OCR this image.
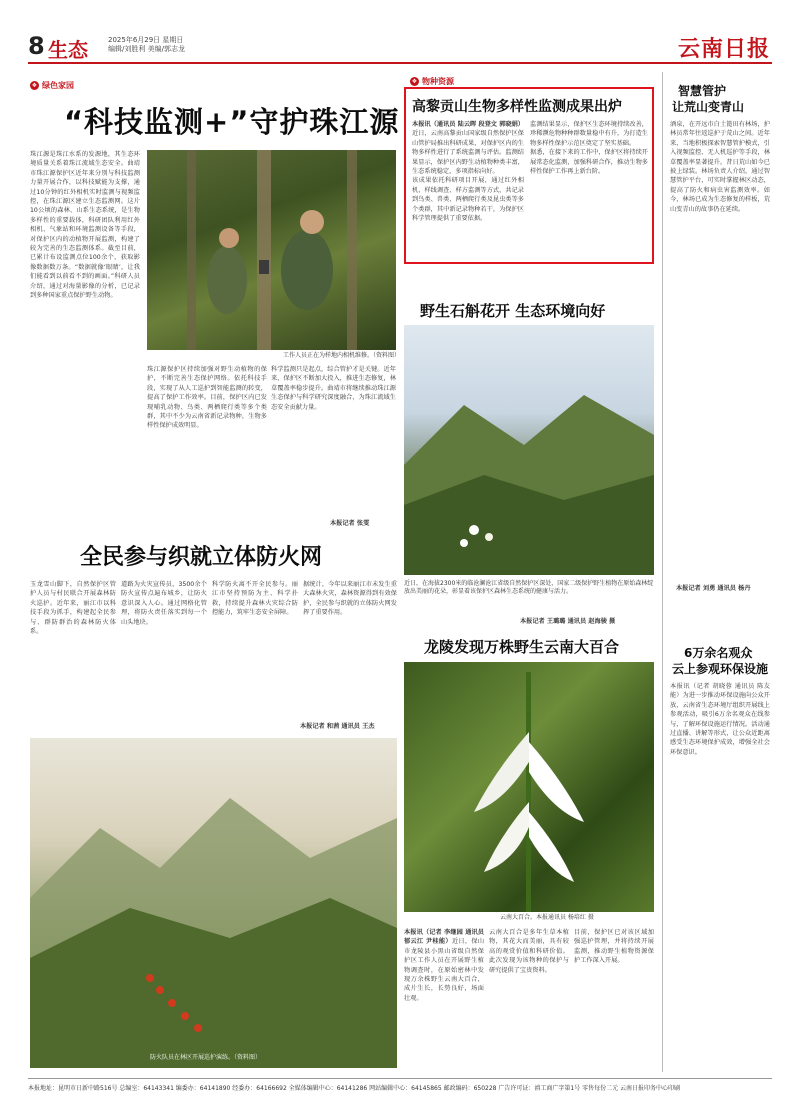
8 生态	2025年6月29日 星期日
编辑/刘胜利 美编/郭志龙	云南日报
❖ 绿色家园
“科技监测+”守护珠江源
珠江源是珠江水系的发源地，其生态环境质量关系着珠江流域生态安全。曲靖市珠江源保护区近年来分别与科技监测力量开展合作，以科技赋能为支撑，通过10分钟的红外相机实时监测与视频监控，在珠江源区建立生态监测网。这片10公顷的森林、山系生态系统，是生物多样性的重要载体，科研团队利用红外相机、气象站和环境监测设备等手段，对保护区内的动植物开展监测，构建了较为完善的生态监测体系。截至目前，已累计布设监测点位100余个，获取影像数据数万条。“数据就像‘眼睛’，让我们能看到以前看不到的画面。”科研人员介绍，通过对海量影像的分析，已记录到多种国家重点保护野生动物。
工作人员正在为样地内相机维修。（资料图）
珠江源保护区持续加强对野生动植物的保护，不断完善生态保护网络。依托科技手段，实现了从人工巡护到智能监测的转变，提高了保护工作效率。目前，保护区内已发现哺乳动物、鸟类、两栖爬行类等多个类群，其中不少为云南省新记录物种，生物多样性保护成效明显。
科学监测只是起点，综合管护才是关键。近年来，保护区不断加大投入，推进生态修复，林草覆盖率稳步提升。曲靖市将继续推动珠江源生态保护与科学研究深度融合，为珠江流域生态安全贡献力量。
本报记者 张雯
❖ 物种资源
高黎贡山生物多样性监测成果出炉
本报讯（通讯员 陆云晖 段登文 郭晓娟）近日，云南高黎贡山国家级自然保护区保山管护局推出科研成果，对保护区内的生物多样性进行了系统监测与评估。监测结果显示，保护区内野生动植物种类丰富，生态系统稳定，多项指标向好。
该成果依托科研项目开展，通过红外相机、样线调查、样方监测等方式，共记录到鸟类、兽类、两栖爬行类及昆虫类等多个类群，其中新记录物种若干，为保护区科学管理提供了重要依据。
监测结果显示，保护区生态环境持续改善，珍稀濒危物种种群数量稳中有升，为打造生物多样性保护示范区奠定了坚实基础。
据悉，在接下来的工作中，保护区将持续开展常态化监测，加强科研合作，推动生物多样性保护工作再上新台阶。
野生石斛花开 生态环境向好
近日，在海拔2300米的临沧澜沧江省级自然保护区深处，国家二级保护野生植物在原始森林绽放出美丽的花朵，彰显着该保护区森林生态系统的健康与活力。
本报记者 王璐璐 通讯员 赵海骏 摄
全民参与织就立体防火网
玉龙雪山脚下，自然保护区管护人员与村民联合开展森林防火巡护。近年来，丽江市以科技手段为抓手，构建起全民参与、群防群治的森林防火体系。
道路为火灾宣传员，3500余个防火宣传点遍布城乡，让防火意识深入人心。通过网格化管理，将防火责任落实到每一个山头地块。
科学防火离不开全民参与。丽江市坚持预防为主、科学扑救，持续提升森林火灾综合防控能力，筑牢生态安全屏障。
据统计，今年以来丽江市未发生重大森林火灾，森林资源得到有效保护，全民参与织就的立体防火网发挥了重要作用。
本报记者 和茜 通讯员 王杰
防火队员在林区开展巡护演练。（资料图）
龙陵发现万株野生云南大百合
云南大百合。本报通讯员 杨培红 摄
本报讯（记者 李继园 通讯员 郁云江 尹桂能）近日，保山市龙陵县小黑山省级自然保护区工作人员在开展野生植物调查时，在原始密林中发现万余株野生云南大百合，成片生长，长势良好，场面壮观。
云南大百合是多年生草本植物，其花大而美丽，具有较高的观赏价值和科研价值。此次发现为该物种的保护与研究提供了宝贵资料。
目前，保护区已对该区域加强巡护管理，并将持续开展监测，推动野生植物资源保护工作深入开展。
智慧管护
让荒山变青山
酒泉，在开远市白土篦田有林场，护林员常年往返巡护于荒山之间。近年来，当地积极探索智慧管护模式，引入视频监控、无人机巡护等手段，林草覆盖率显著提升，昔日荒山如今已披上绿装。林场负责人介绍，通过智慧管护平台，可实时掌握林区动态，提高了防火和病虫害监测效率。如今，林场已成为生态修复的样板，荒山变青山的故事仍在延续。
本报记者 刘勇 通讯员 杨丹
6万余名观众
云上参观环保设施
本报讯（记者 胡晓蓉 通讯员 陈友能）为进一步推动环保设施向公众开放，云南省生态环境厅组织开展线上参观活动，吸引6万余名观众在线参与，了解环保设施运行情况。活动通过直播、讲解等形式，让公众近距离感受生态环境保护成效，增强全社会环保意识。
本报地址：昆明市日新中路516号 总编室：64143341 编委办：64141890 经委办：64166692 全媒体编辑中心：64141286 网站编辑中心：64145865 邮政编码：650228 广告许可证：滇工商广字第1号 零售每份二元 云南日报印务中心印刷
